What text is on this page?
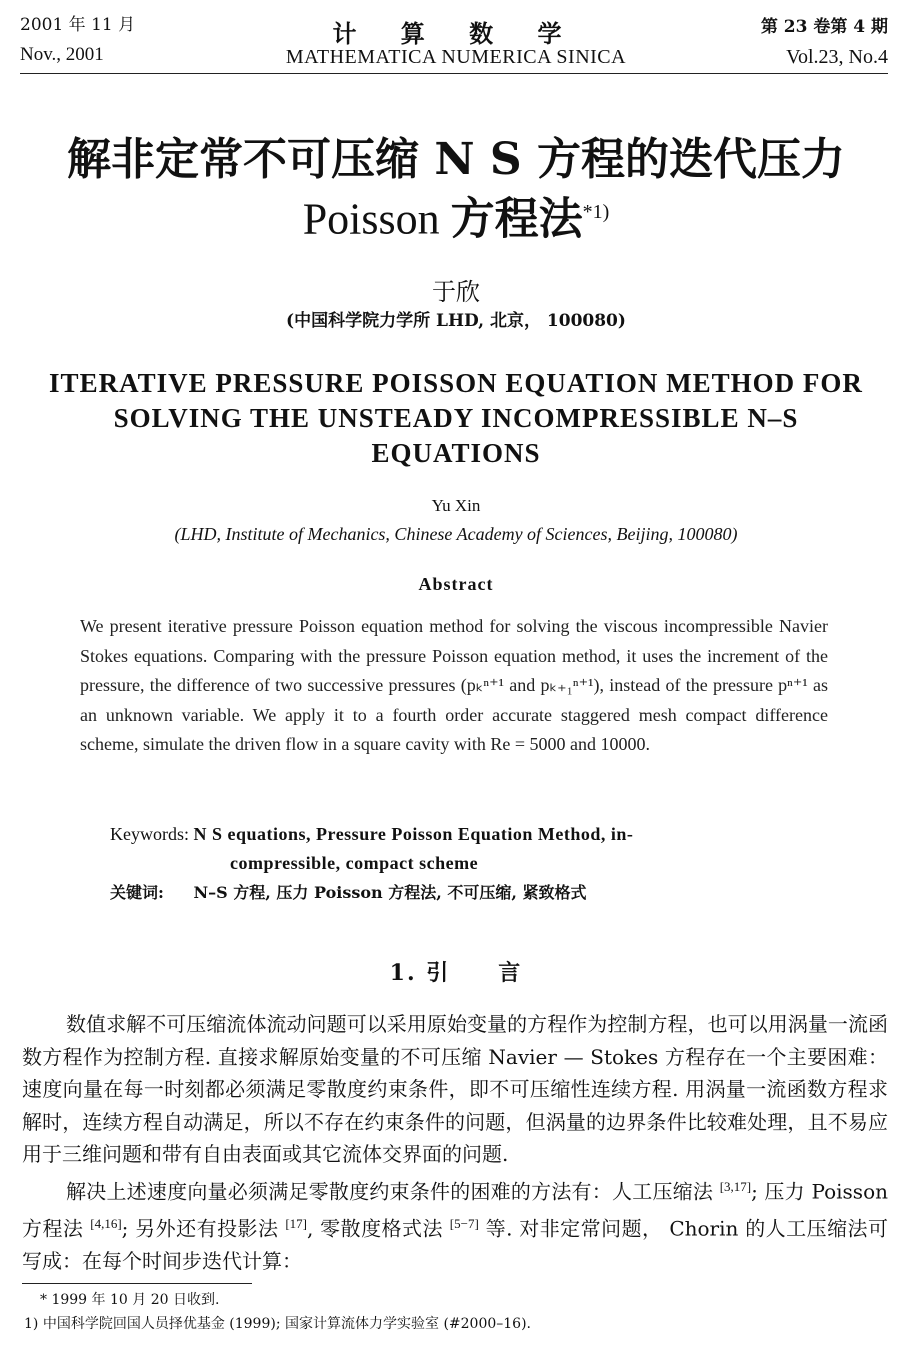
2001 年 11 月
Nov., 2001
计 算 数 学
MATHEMATICA NUMERICA SINICA
第 23 卷第 4 期
Vol.23, No.4
解非定常不可压缩 N S 方程的迭代压力
Poisson 方程法$^{*1)}$
于欣
(中国科学院力学所 LHD, 北京， 100080)
ITERATIVE PRESSURE POISSON EQUATION METHOD FOR SOLVING THE UNSTEADY INCOMPRESSIBLE N–S EQUATIONS
Yu Xin
(LHD, Institute of Mechanics, Chinese Academy of Sciences, Beijing, 100080)
Abstract
We present iterative pressure Poisson equation method for solving the viscous incompressible Navier Stokes equations. Comparing with the pressure Poisson equation method, it uses the increment of the pressure, the difference of two successive pressures (pₖⁿ⁺¹ and pₖ₊₁ⁿ⁺¹), instead of the pressure pⁿ⁺¹ as an unknown variable. We apply it to a fourth order accurate staggered mesh compact difference scheme, simulate the driven flow in a square cavity with Re = 5000 and 10000.
Keywords: N S equations, Pressure Poisson Equation Method, in-
compressible, compact scheme
关键词: N–S 方程, 压力 Poisson 方程法, 不可压缩, 紧致格式
1. 引　　言

数值求解不可压缩流体流动问题可以采用原始变量的方程作为控制方程，也可以用涡量一流函数方程作为控制方程. 直接求解原始变量的不可压缩 Navier — Stokes 方程存在一个主要困难：速度向量在每一时刻都必须满足零散度约束条件，即不可压缩性连续方程. 用涡量一流函数方程求解时，连续方程自动满足，所以不存在约束条件的问题，但涡量的边界条件比较难处理，且不易应用于三维问题和带有自由表面或其它流体交界面的问题.

解决上述速度向量必须满足零散度约束条件的困难的方法有：人工压缩法 [3,17]; 压力 Poisson 方程法 [4,16]; 另外还有投影法 [17], 零散度格式法 [5−7] 等. 对非定常问题， Chorin 的人工压缩法可写成：在每个时间步迭代计算：

* 1999 年 10 月 20 日收到.
1) 中国科学院回国人员择优基金 (1999); 国家计算流体力学实验室 (#2000–16).
